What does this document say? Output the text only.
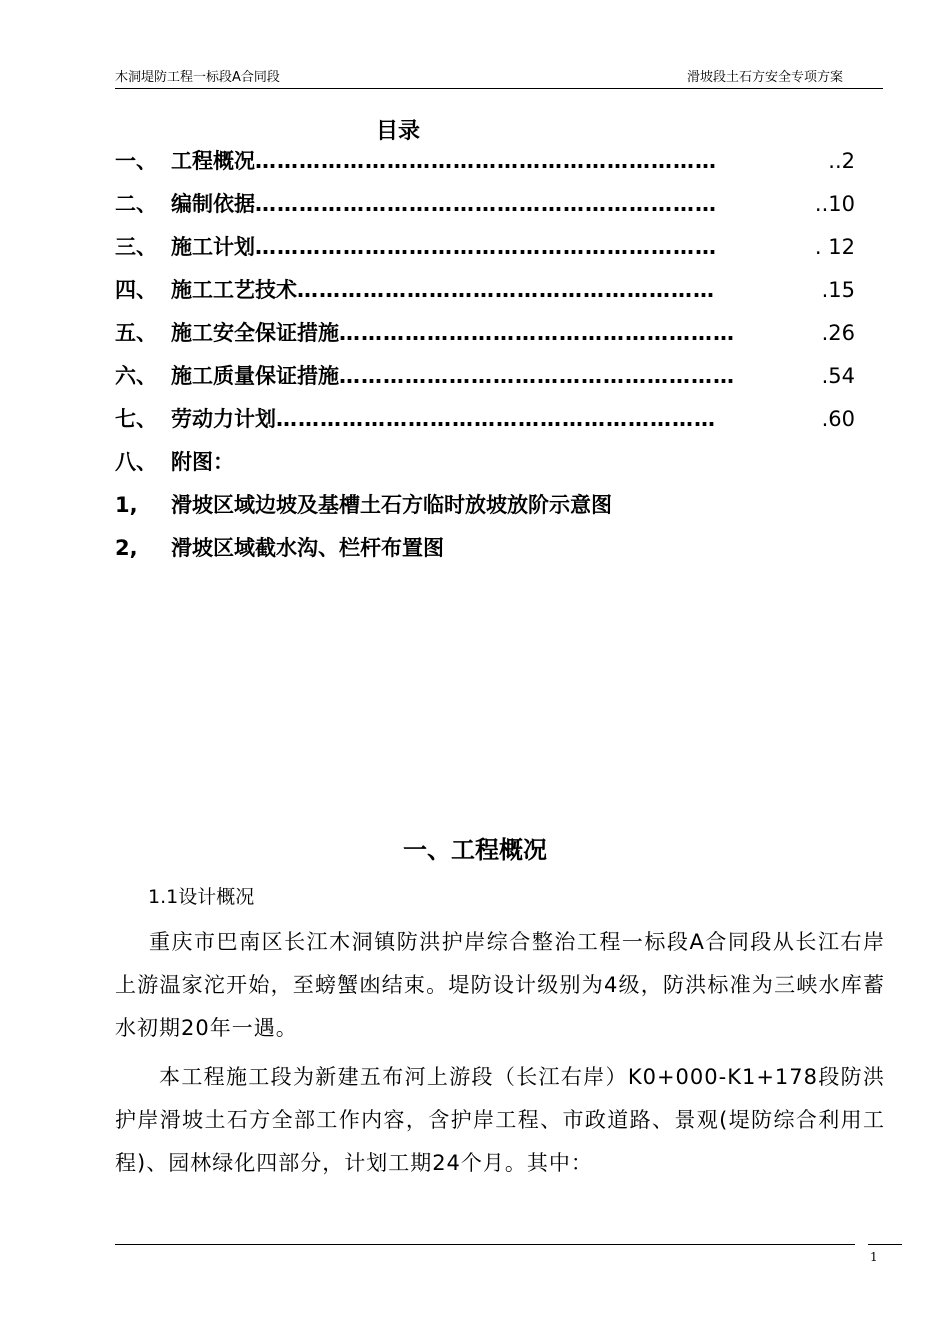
木洞堤防工程一标段A合同段	滑坡段土石方安全专项方案
目录
一、 工程概况 ………………………………………………………	..2
二、 编制依据 ………………………………………………………	..10
三、 施工计划 ………………………………………………………	. 12
四、 施工工艺技术 …………………………………………………	.15
五、 施工安全保证措施 ………………………………………………	.26
六、 施工质量保证措施 ………………………………………………	.54
七、 劳动力计划 ……………………………………………………	.60
八、 附图：
1, 滑坡区域边坡及基槽土石方临时放坡放阶示意图
2, 滑坡区域截水沟、栏杆布置图
一、工程概况
1.1设计概况
重庆市巴南区长江木洞镇防洪护岸综合整治工程一标段A合同段从长江右岸上游温家沱开始，至螃蟹凼结束。堤防设计级别为4级，防洪标准为三峡水库蓄水初期20年一遇。
本工程施工段为新建五布河上游段（长江右岸）K0+000-K1+178段防洪护岸滑坡土石方全部工作内容，含护岸工程、市政道路、景观(堤防综合利用工程)、园林绿化四部分，计划工期24个月。其中：
1
